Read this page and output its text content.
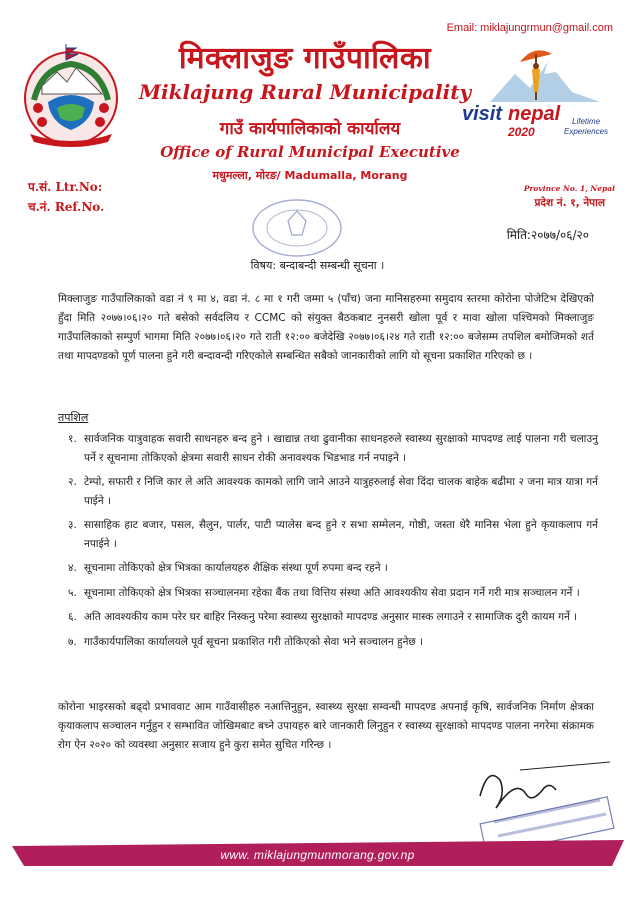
Email: miklajungrmun@gmail.com
मिक्लाजुङ गाउँपालिका
Miklajung Rural Municipality
गाउँ कार्यपालिकाको कार्यालय
Office of Rural Municipal Executive
मधुमल्ला, मोरङ/ Madumalla, Morang
visit nepal
2020
Lifetime
Experiences
प.सं. Ltr.No:
च.नं. Ref.No.
Province No. 1, Nepal
प्रदेश नं. १, नेपाल
मिति:२०७७/०६/२०
विषय: बन्दाबन्दी सम्बन्धी सूचना ।
मिक्लाजुङ गाउँपालिकाको वडा नं ९ मा ४, वडा नं. ८ मा १ गरी जम्मा ५ (पाँच) जना मानिसहरुमा समुदाय स्तरमा कोरोना पोजेटिभ देखिएको हुँदा मिति २०७७।०६।२० गते बसेको सर्वदलिय र CCMC को संयुक्त बैठकबाट नुनसरी खोला पूर्व र मावा खोला पश्चिमको मिक्लाजुङ गाउँपालिकाको सम्पुर्ण भागमा मिति २०७७।०६।२० गते राती १२:०० बजेदेखि २०७७।०६।२४ गते राती १२:०० बजेसम्म तपशिल बमोजिमको शर्त तथा मापदण्डको पूर्ण पालना हुने गरी बन्दावन्दी गरिएकोले सम्बन्धित सबैको जानकारीको लागि यो सूचना प्रकाशित गरिएको छ ।
तपशिल
१. सार्वजनिक यात्रुवाहक सवारी साधनहरु बन्द हुने । खाद्यान्न तथा ढुवानीका साधनहरुले स्वास्थ्य सुरक्षाको मापदण्ड लाई पालना गरी चलाउनु पर्ने र सूचनामा तोकिएको क्षेत्रमा सवारी साधन रोकी अनावश्यक भिडभाड गर्न नपाइने ।
२. टेम्पो, सफारी र निजि कार ले अति आवश्यक कामको लागि जाने आउने यात्रुहरुलाई सेवा दिंदा चालक बाहेक बढीमा २ जना मात्र यात्रा गर्न पाईने ।
३. सासाहिक हाट बजार, पसल, सैलुन, पार्लर, पाटी प्यालेस बन्द हुने र सभा सम्मेलन, गोष्ठी, जस्ता धेरै मानिस भेला हुने कृयाकलाप गर्न नपाईने ।
४. सूचनामा तोकिएको क्षेत्र भित्रका कार्यालयहरु शैक्षिक संस्था पूर्ण रुपमा बन्द रहने ।
५. सूचनामा तोकिएको क्षेत्र भित्रका सञ्चालनमा रहेका बैंक तथा वित्तिय संस्था अति आवश्यकीय सेवा प्रदान गर्ने गरी मात्र सञ्चालन गर्ने ।
६. अति आवश्यकीय काम परेर घर बाहिर निस्कनु परेमा स्वास्थ्य सुरक्षाको मापदण्ड अनुसार मास्क लगाउने र सामाजिक दुरी कायम गर्ने ।
७. गाउँकार्यपालिका कार्यालयले पूर्व सूचना प्रकाशित गरी तोकिएको सेवा भने सञ्चालन हुनेछ ।
कोरोना भाइरसको बढ्दो प्रभाववाट आम गाउँवासीहरु नआत्तिनुहुन, स्वास्थ्य सुरक्षा सम्वन्धी मापदण्ड अपनाई कृषि, सार्वजनिक निर्माण क्षेत्रका कृयाकलाप सञ्चालन गर्नुहुन र सम्भावित जोखिमबाट बच्ने उपायहरु बारे जानकारी लिनुहुन र स्वास्थ्य सुरक्षाको मापदण्ड पालना नगरेमा संक्रामक रोग ऐन २०२० को व्यवस्था अनुसार सजाय हुने कुरा समेत सुचित गरिन्छ ।
www. miklajungmunmorang.gov.np
